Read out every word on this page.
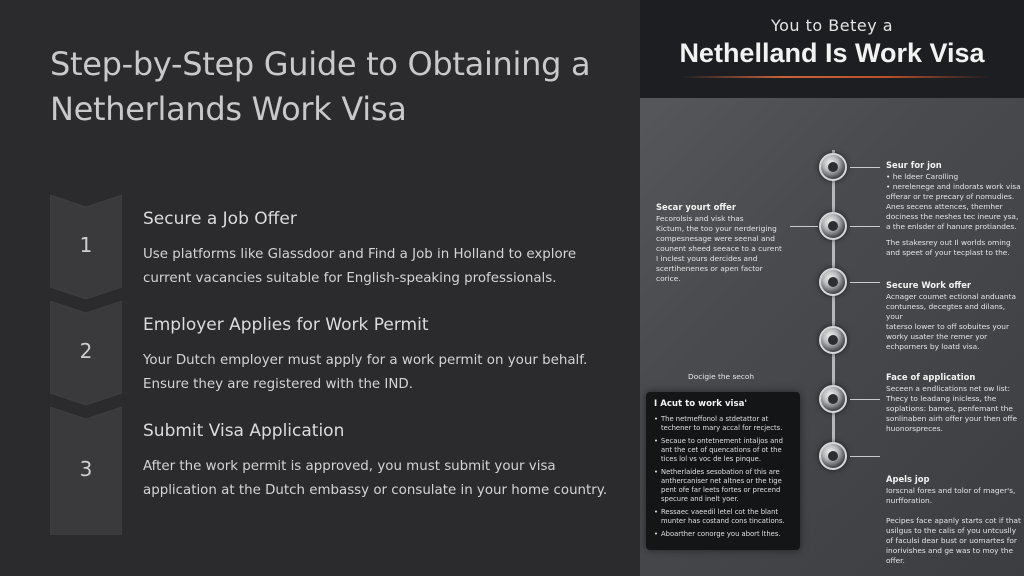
Step-by-Step Guide to Obtaining a Netherlands Work Visa
1
Secure a Job Offer
Use platforms like Glassdoor and Find a Job in Holland to explore current vacancies suitable for English-speaking professionals.
2
Employer Applies for Work Permit
Your Dutch employer must apply for a work permit on your behalf. Ensure they are registered with the IND.
3
Submit Visa Application
After the work permit is approved, you must submit your visa application at the Dutch embassy or consulate in your home country.
You to Betey a
Nethelland Is Work Visa
Secar yourt offer
Fecorolsis and visk thas
Kictum, the too your nerderiging
compesnesage were seenal and
counent sheed seeace to a curent
I inclest yours dercides and
scertihenenes or apen factor
corice.
Seur for jon
• he ldeer Carolling
• nerelenege and indorats work visa
offerar or tre precary of nomudies.
Anes secens attences, themher
dociness the neshes tec ineure ysa,
a the enlsder of hanure protiandes.
The stakesrey out Il worlds oming
and speet of your tecplast to the.
Secure Work offer
Acnager coumet ectional anduanta
contuness, decegtes and dilans, your
taterso lower to off sobuites your
worky usater the remer yor
echporners by loatd visa.
Face of application
Seceen a endlications net ow list:
Thecy to leadang inicless, the
soplations: bames, penfemant the
sonlinaben airh offer your then offe
huonorspreces.
Apels jop
Iorscnal fores and tolor of mager's,
nurfforation.

Pecipes face apanly starts cot if that
usilgus to the calis of you untcuslly
of faculsi dear bust or uomartes for
inorivishes and ge was to moy the
offer.
Docigie the secoh
I Acut to work visa'
• The netmeffonol a stdetattor at
techener to mary accal for recjects.
• Secaue to ontetnement intaljos and
ant the cet of quencations of ot the
tices lol vs voc de les pinque.
• Netherlaides sesobation of this are
anthercaniser net altnes or the tige
pent ofe far leets fortes or precend
specure and inelt yoer.
• Ressaec vaeedil letel cot the blant
munter has costand cons tincations.
• Aboarther conorge you abort lthes.
